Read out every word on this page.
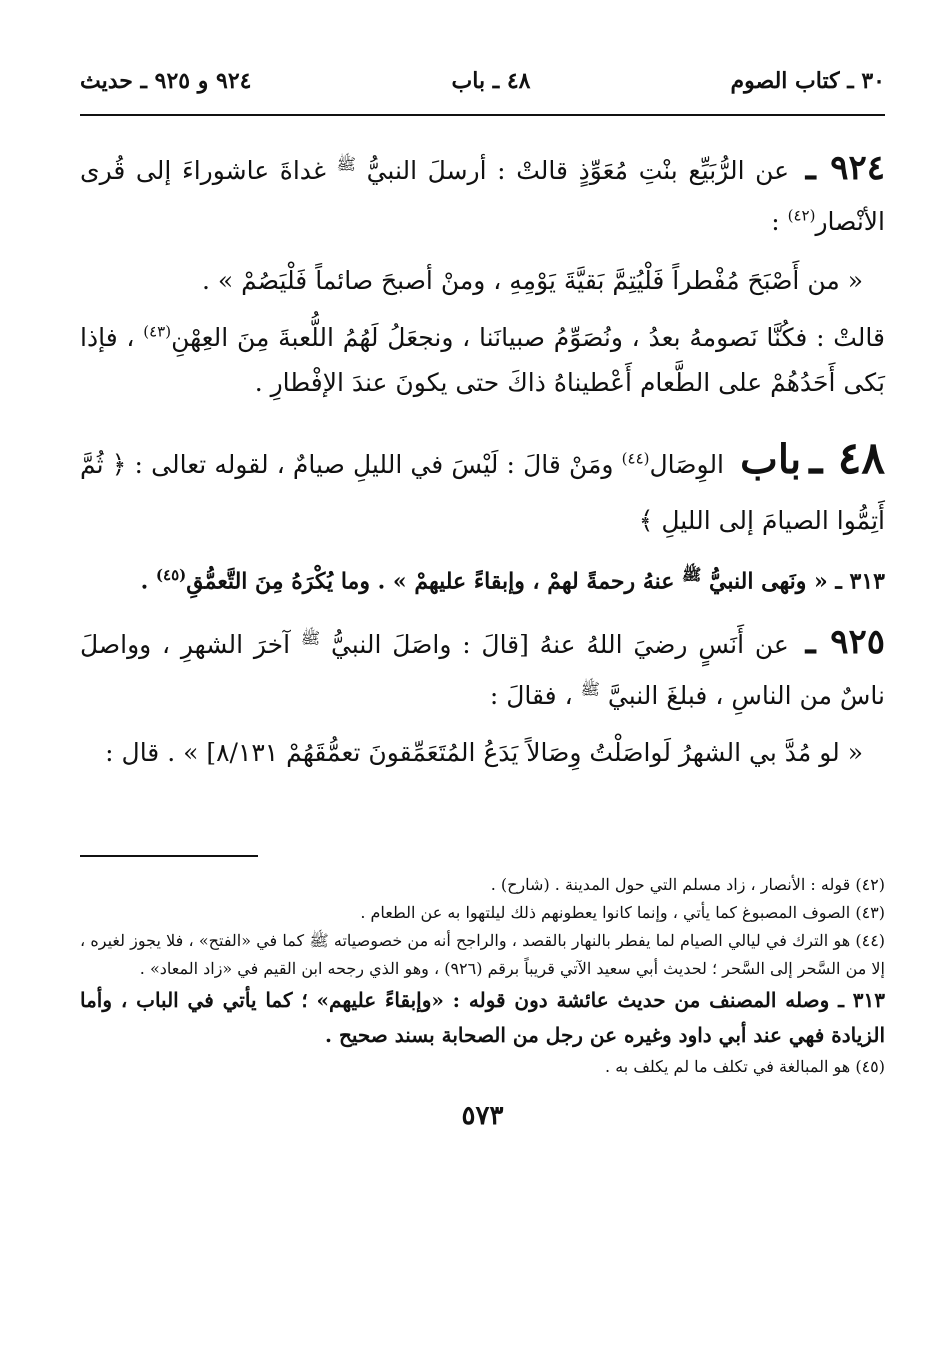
٣٠ ـ كتاب الصوم
٤٨ ـ باب
٩٢٤ و ٩٢٥ ـ حديث

٩٢٤ ـ عن الرُّبَيِّع بنْتِ مُعَوِّذٍ قالتْ : أرسلَ النبيُّ $^ﷺ$ غداةَ عاشوراءَ إلى قُرى الأنْصار$^{(٤٢)}$ :

« من أَصْبَحَ مُفْطراً فَلْيُتِمَّ بَقيَّةَ يَوْمِهِ ، ومنْ أصبحَ صائماً فَلْيَصُمْ » .

قالتْ : فكُنَّا نَصومهُ بعدُ ، ونُصَوِّمُ صبيانَنا ، ونجعَلُ لَهُمُ اللُّعبةَ مِنَ العِهْنِ$^{(٤٣)}$ ، فإذا بَكى أَحَدُهُمْ على الطَّعام أَعْطيناهُ ذاكَ حتى يكونَ عندَ الإفْطارِ .

٤٨ ـ باب الوِصَال$^{(٤٤)}$ ومَنْ قالَ : لَيْسَ في الليلِ صيامٌ ، لقوله تعالى : ﴿ ثُمَّ أَتِمُّوا الصيامَ إلى الليلِ ﴾

٣١٣ ـ « ونَهى النبيُّ $^ﷺ$ عنهُ رحمةً لهمْ ، وإبقاءً عليهمْ » . وما يُكْرَهُ مِنَ التَّعمُّقِ$^{(٤٥)}$ .

٩٢٥ ـ عن أَنَسٍ رضيَ اللهُ عنهُ [قالَ : واصَلَ النبيُّ $^ﷺ$ آخرَ الشهرِ ، وواصلَ ناسٌ من الناسِ ، فبلغَ النبيَّ $^ﷺ$ ، فقالَ :

« لو مُدَّ بي الشهرُ لَواصَلْتُ وِصَالاً يَدَعُ المُتَعَمِّقونَ تعمُّقَهُمْ ٨/١٣١] » . قال :

(٤٢) قوله : الأنصار ، زاد مسلم التي حول المدينة . (شارح) .
(٤٣) الصوف المصبوغ كما يأتي ، وإنما كانوا يعطونهم ذلك ليلتهوا به عن الطعام .
(٤٤) هو الترك في ليالي الصيام لما يفطر بالنهار بالقصد ، والراجح أنه من خصوصياته ﷺ كما في «الفتح» ، فلا يجوز لغيره ، إلا من السَّحر إلى السَّحر ؛ لحديث أبي سعيد الآتي قريباً برقم (٩٢٦) ، وهو الذي رجحه ابن القيم في «زاد المعاد» .
٣١٣ ـ وصله المصنف من حديث عائشة دون قوله : «وإبقاءً عليهم» ؛ كما يأتي في الباب ، وأما الزيادة فهي عند أبي داود وغيره عن رجل من الصحابة بسند صحيح .
(٤٥) هو المبالغة في تكلف ما لم يكلف به .
٥٧٣
